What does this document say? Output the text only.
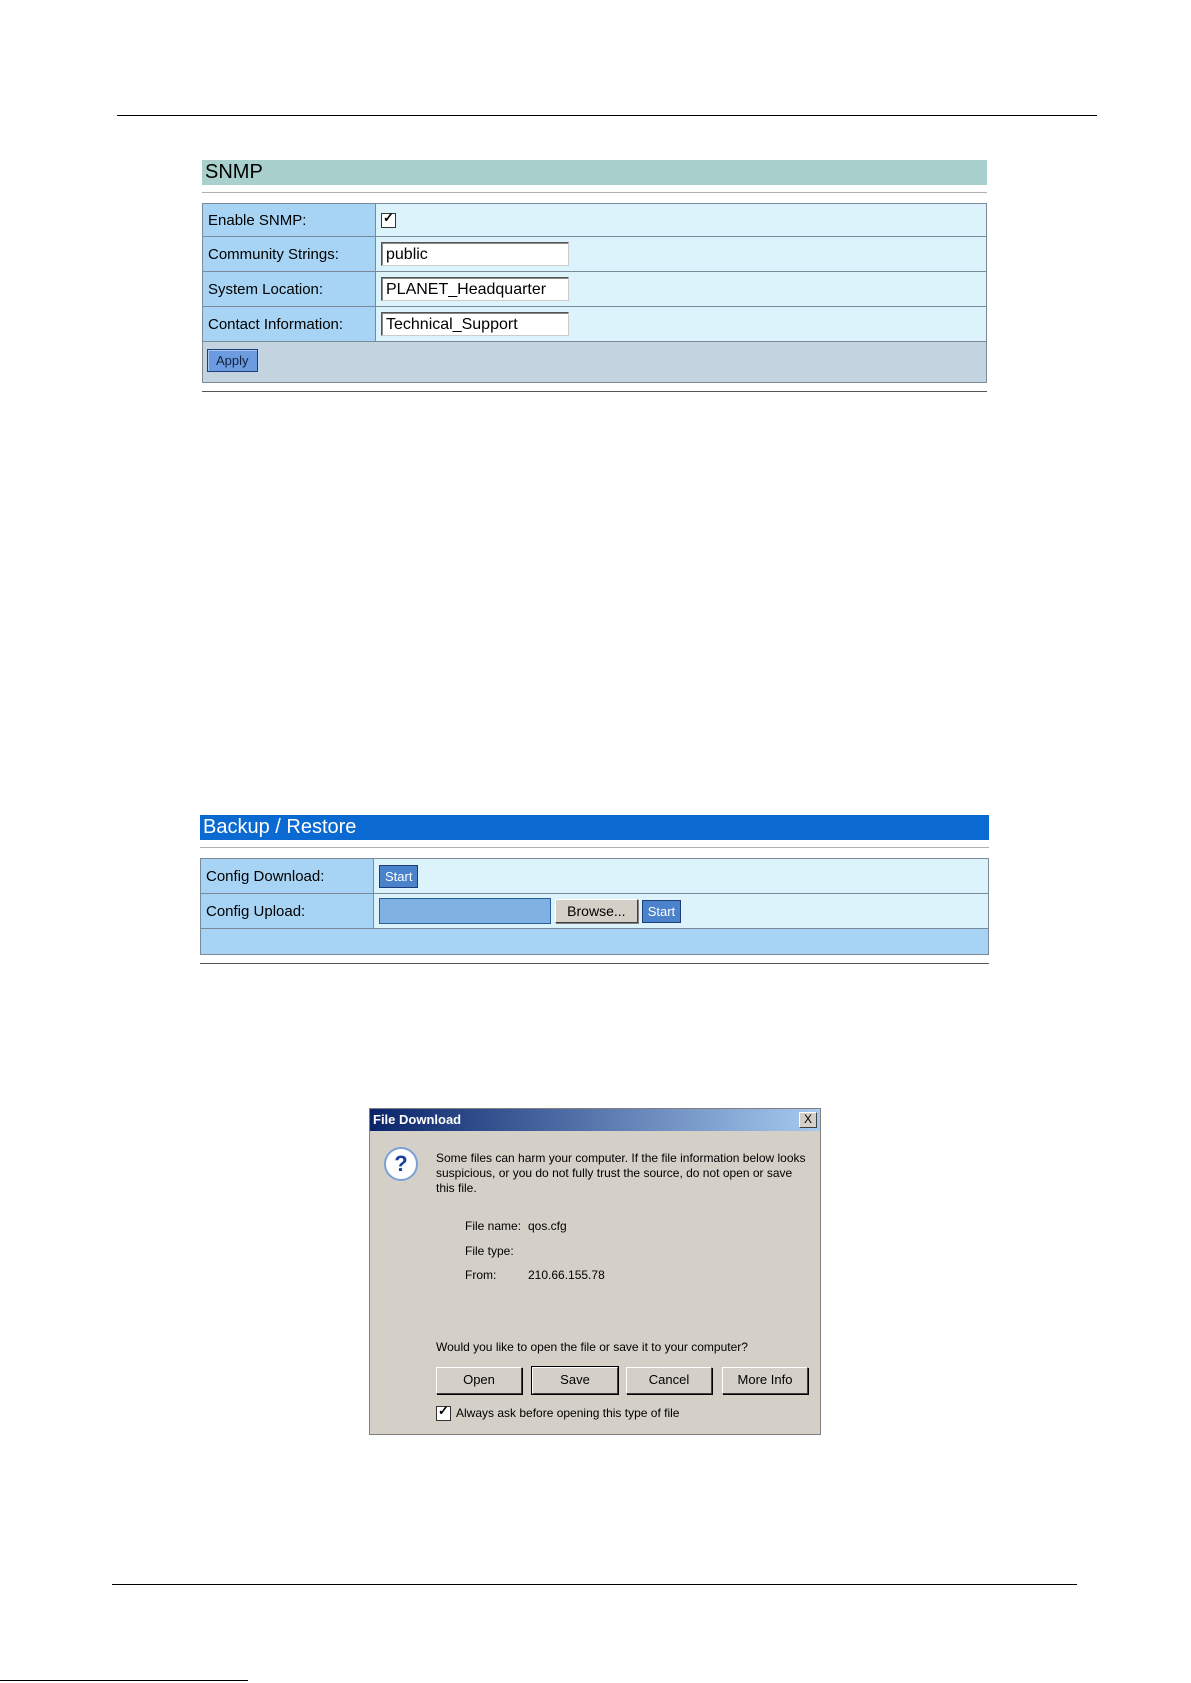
SNMP
Enable SNMP:	✓

Community Strings:	public

System Location:	PLANET_Headquarter

Contact Information:	Technical_Support
Apply
Backup / Restore
Config Download:	Start
Config Upload:	Browse... Start
File Download	X
?	Some files can harm your computer. If the file information below looks suspicious, or you do not fully trust the source, do not open or save this file.
File name: qos.cfg
File type:
From:	210.66.155.78
Would you like to open the file or save it to your computer?
Open	Save	Cancel	More Info
✓ Always ask before opening this type of file
